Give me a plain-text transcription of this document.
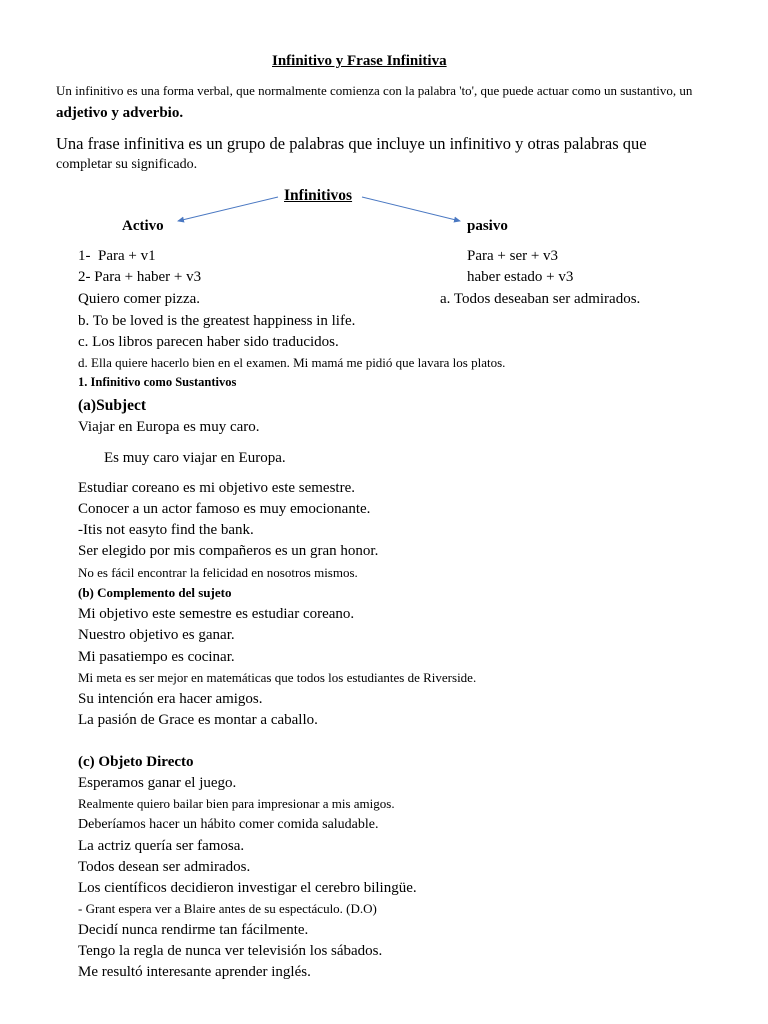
Infinitivo y Frase Infinitiva
Un infinitivo es una forma verbal, que normalmente comienza con la palabra 'to', que puede actuar como un sustantivo, un
adjetivo y adverbio.
Una frase infinitiva es un grupo de palabras que incluye un infinitivo y otras palabras que
completar su significado.
Infinitivos
Activo	pasivo
1- Para + v1
2- Para + haber + v3
Para + ser + v3
haber estado + v3
Quiero comer pizza.	a. Todos deseaban ser admirados.
b. To be loved is the greatest happiness in life.
c. Los libros parecen haber sido traducidos.
d. Ella quiere hacerlo bien en el examen. Mi mamá me pidió que lavara los platos.
1. Infinitivo como Sustantivos
(a)Subject
Viajar en Europa es muy caro.
Es muy caro viajar en Europa.
Estudiar coreano es mi objetivo este semestre.
Conocer a un actor famoso es muy emocionante.
-Itis not easyto find the bank.
Ser elegido por mis compañeros es un gran honor.
No es fácil encontrar la felicidad en nosotros mismos.
(b) Complemento del sujeto
Mi objetivo este semestre es estudiar coreano.
Nuestro objetivo es ganar.
Mi pasatiempo es cocinar.
Mi meta es ser mejor en matemáticas que todos los estudiantes de Riverside.
Su intención era hacer amigos.
La pasión de Grace es montar a caballo.
(c) Objeto Directo
Esperamos ganar el juego.
Realmente quiero bailar bien para impresionar a mis amigos.
Deberíamos hacer un hábito comer comida saludable.
La actriz quería ser famosa.
Todos desean ser admirados.
Los científicos decidieron investigar el cerebro bilingüe.
- Grant espera ver a Blaire antes de su espectáculo. (D.O)
Decidí nunca rendirme tan fácilmente.
Tengo la regla de nunca ver televisión los sábados.
Me resultó interesante aprender inglés.
